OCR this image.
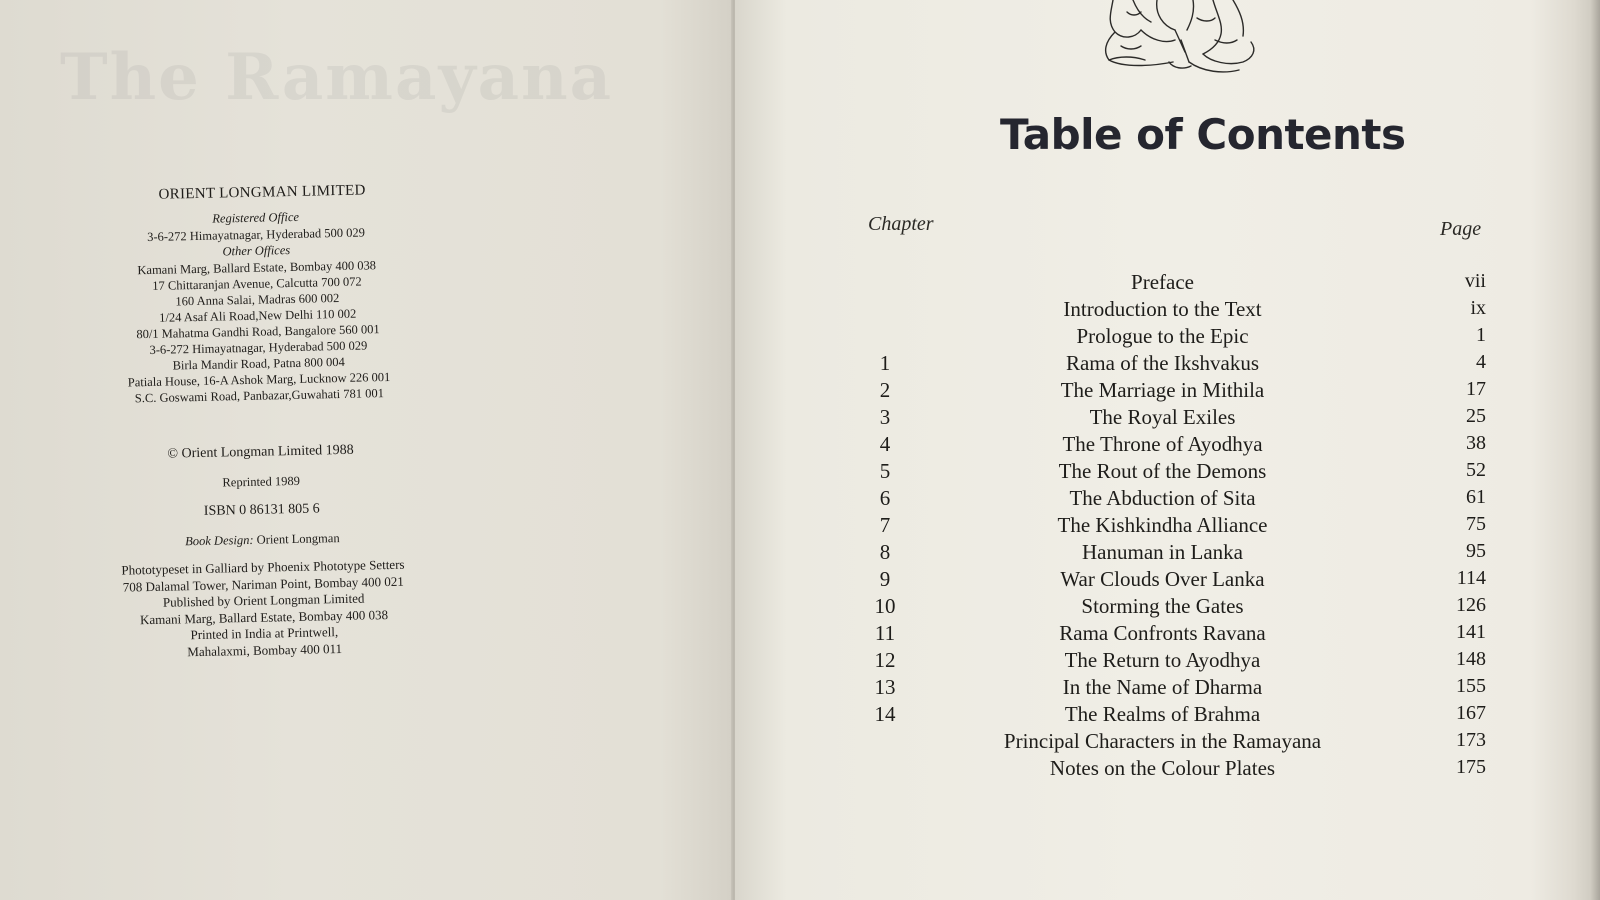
The Ramayana
ORIENT LONGMAN LIMITED
Registered Office
3-6-272 Himayatnagar, Hyderabad 500 029
Other Offices
Kamani Marg, Ballard Estate, Bombay 400 038
17 Chittaranjan Avenue, Calcutta 700 072
160 Anna Salai, Madras 600 002
1/24 Asaf Ali Road,New Delhi 110 002
80/1 Mahatma Gandhi Road, Bangalore 560 001
3-6-272 Himayatnagar, Hyderabad 500 029
Birla Mandir Road, Patna 800 004
Patiala House, 16-A Ashok Marg, Lucknow 226 001
S.C. Goswami Road, Panbazar,Guwahati 781 001
© Orient Longman Limited 1988
Reprinted 1989
ISBN 0 86131 805 6
Book Design: Orient Longman
Phototypeset in Galliard by Phoenix Phototype Setters
708 Dalamal Tower, Nariman Point, Bombay 400 021
Published by Orient Longman Limited
Kamani Marg, Ballard Estate, Bombay 400 038
Printed in India at Printwell,
Mahalaxmi, Bombay 400 011
Table of Contents
Chapter	Page
Preface	vii
Introduction to the Text	ix
Prologue to the Epic	1
1	Rama of the Ikshvakus	4
2	The Marriage in Mithila	17
3	The Royal Exiles	25
4	The Throne of Ayodhya	38
5	The Rout of the Demons	52
6	The Abduction of Sita	61
7	The Kishkindha Alliance	75
8	Hanuman in Lanka	95
9	War Clouds Over Lanka	114
10	Storming the Gates	126
11	Rama Confronts Ravana	141
12	The Return to Ayodhya	148
13	In the Name of Dharma	155
14	The Realms of Brahma	167
Principal Characters in the Ramayana	173
Notes on the Colour Plates	175
